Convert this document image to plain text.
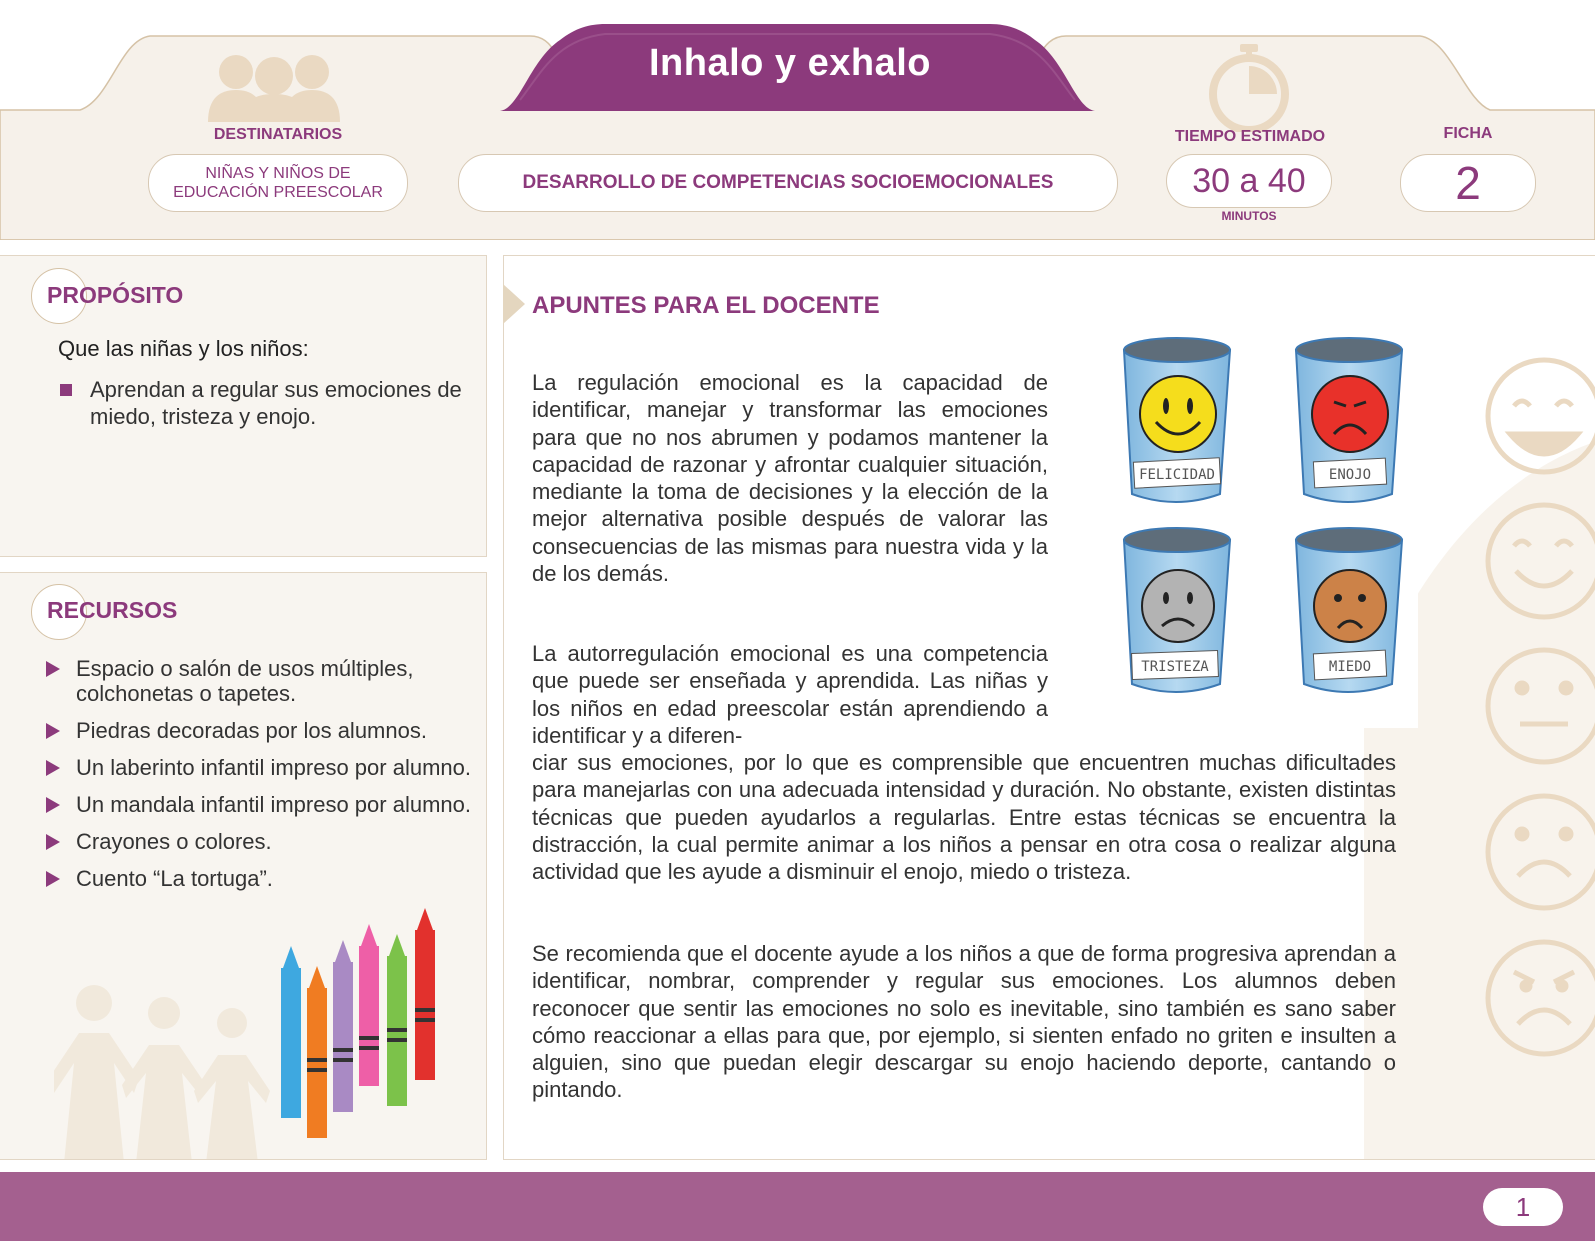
Inhalo y exhalo
DESTINATARIOS
NIÑAS Y NIÑOS DE EDUCACIÓN PREESCOLAR	DESARROLLO DE COMPETENCIAS SOCIOEMOCIONALES
TIEMPO ESTIMADO
30 a 40
MINUTOS
FICHA
2
PROPÓSITO
Que las niñas y los niños:
Aprendan a regular sus emociones de miedo, tristeza y enojo.
RECURSOS
Espacio o salón de usos múltiples, colchonetas o tapetes.
Piedras decoradas por los alumnos.
Un laberinto infantil impreso por alumno.
Un mandala infantil impreso por alumno.
Crayones o colores.
Cuento “La tortuga”.
APUNTES PARA EL DOCENTE
FELICIDAD	ENOJO
TRISTEZA	MIEDO
La regulación emocional es la capacidad de identificar, manejar y transformar las emociones para que no nos abrumen y podamos mantener la capacidad de razonar y afrontar cualquier situación, mediante la toma de decisiones y la elección de la mejor alternativa posible después de valorar las consecuencias de las mismas para nuestra vida y la de los demás.
La autorregulación emocional es una competencia que puede ser enseñada y aprendida. Las niñas y los niños en edad preescolar están aprendiendo a identificar y a diferen-
ciar sus emociones, por lo que es comprensible que encuentren muchas dificultades para manejarlas con una adecuada intensidad y duración. No obstante, existen distintas técnicas que pueden ayudarlos a regularlas. Entre estas técnicas se encuentra la distracción, la cual permite animar a los niños a pensar en otra cosa o realizar alguna actividad que les ayude a disminuir el enojo, miedo o tristeza.
Se recomienda que el docente ayude a los niños a que de forma progresiva aprendan a identificar, nombrar, comprender y regular sus emociones. Los alumnos deben reconocer que sentir las emociones no solo es inevitable, sino también es sano saber cómo reaccionar a ellas para que, por ejemplo, si sienten enfado no griten e insulten a alguien, sino que puedan elegir descargar su enojo haciendo deporte, cantando o pintando.
1
